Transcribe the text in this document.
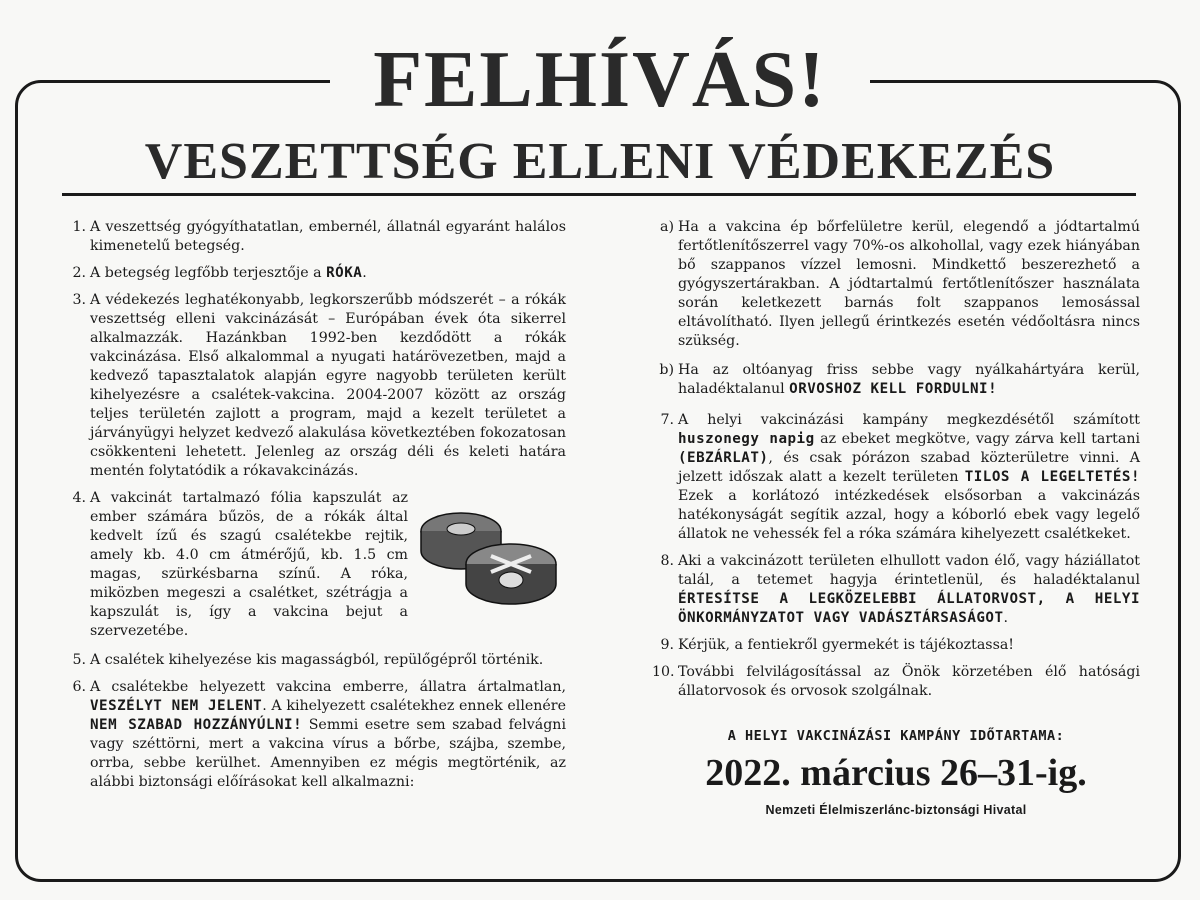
FELHÍVÁS!
VESZETTSÉG ELLENI VÉDEKEZÉS
1. A veszettség gyógyíthatatlan, embernél, állatnál egyaránt halálos kimenetelű betegség.
2. A betegség legfőbb terjesztője a RÓKA.
3. A védekezés leghatékonyabb, legkorszerűbb módszerét – a rókák veszettség elleni vakcinázását – Európában évek óta sikerrel alkalmazzák. Hazánkban 1992-ben kezdődött a rókák vakcinázása. Első alkalommal a nyugati határövezetben, majd a kedvező tapasztalatok alapján egyre nagyobb területen került kihelyezésre a csalétek-vakcina. 2004-2007 között az ország teljes területén zajlott a program, majd a kezelt területet a járványügyi helyzet kedvező alakulása következtében fokozatosan csökkenteni lehetett. Jelenleg az ország déli és keleti határa mentén folytatódik a rókavakcinázás.
4. A vakcinát tartalmazó fólia kapszulát az ember számára bűzös, de a rókák által kedvelt ízű és szagú csalétekbe rejtik, amely kb. 4.0 cm átmérőjű, kb. 1.5 cm magas, szürkésbarna színű. A róka, miközben megeszi a csalétket, szétrágja a kapszulát is, így a vakcina bejut a szervezetébe.
5. A csalétek kihelyezése kis magasságból, repülőgépről történik.
6. A csalétekbe helyezett vakcina emberre, állatra ártalmatlan, VESZÉLYT NEM JELENT. A kihelyezett csalétekhez ennek ellenére NEM SZABAD HOZZÁNYÚLNI! Semmi esetre sem szabad felvágni vagy széttörni, mert a vakcina vírus a bőrbe, szájba, szembe, orrba, sebbe kerülhet. Amennyiben ez mégis megtörténik, az alábbi biztonsági előírásokat kell alkalmazni:
a) Ha a vakcina ép bőrfelületre kerül, elegendő a jódtartalmú fertőtlenítőszerrel vagy 70%-os alkohollal, vagy ezek hiányában bő szappanos vízzel lemosni. Mindkettő beszerezhető a gyógyszertárakban. A jódtartalmú fertőtlenítőszer használata során keletkezett barnás folt szappanos lemosással eltávolítható. Ilyen jellegű érintkezés esetén védőoltásra nincs szükség.
b) Ha az oltóanyag friss sebbe vagy nyálkahártyára kerül, haladéktalanul ORVOSHOZ KELL FORDULNI!
7. A helyi vakcinázási kampány megkezdésétől számított huszonegy napig az ebeket megkötve, vagy zárva kell tartani (EBZÁRLAT), és csak pórázon szabad közterületre vinni. A jelzett időszak alatt a kezelt területen TILOS A LEGELTETÉS! Ezek a korlátozó intézkedések elsősorban a vakcinázás hatékonyságát segítik azzal, hogy a kóborló ebek vagy legelő állatok ne vehessék fel a róka számára kihelyezett csalétkeket.
8. Aki a vakcinázott területen elhullott vadon élő, vagy háziállatot talál, a tetemet hagyja érintetlenül, és haladéktalanul ÉRTESÍTSE A LEGKÖZELEBBI ÁLLATORVOST, A HELYI ÖNKORMÁNYZATOT VAGY VADÁSZTÁRSASÁGOT.
9. Kérjük, a fentiekről gyermekét is tájékoztassa!
10. További felvilágosítással az Önök körzetében élő hatósági állatorvosok és orvosok szolgálnak.
A HELYI VAKCINÁZÁSI KAMPÁNY IDŐTARTAMA:
2022. március 26–31-ig.
Nemzeti Élelmiszerlánc-biztonsági Hivatal
